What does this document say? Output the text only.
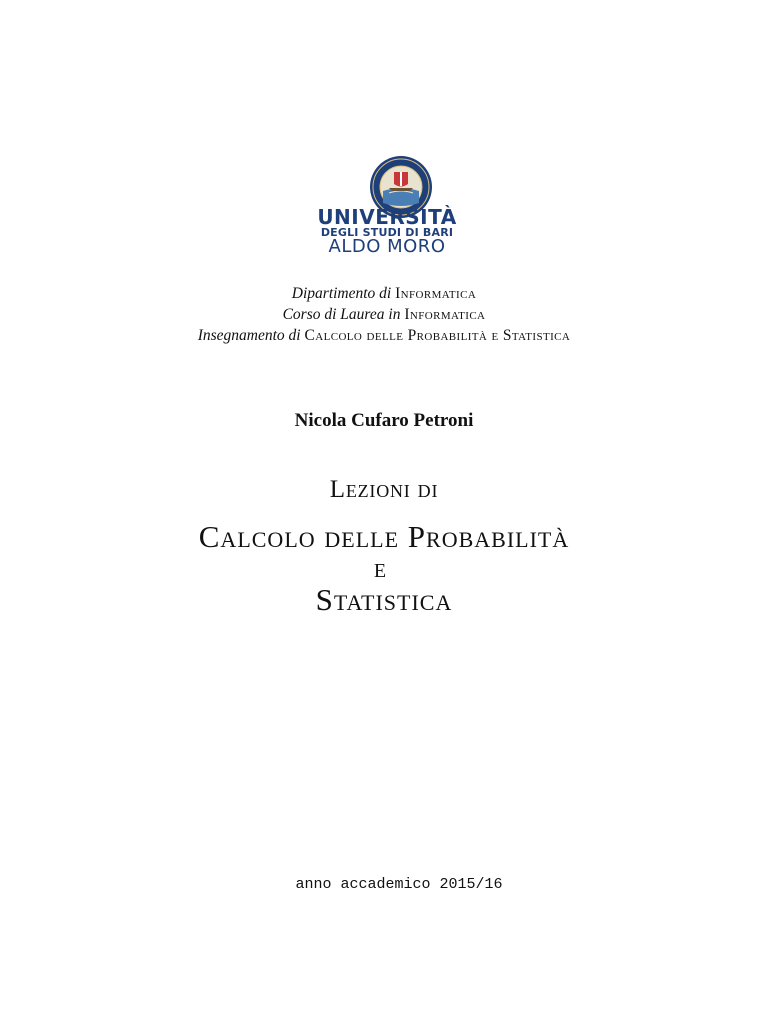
UNIVERSITÀ
DEGLI STUDI DI BARI
ALDO MORO
Dipartimento di Informatica
Corso di Laurea in Informatica
Insegnamento di Calcolo delle Probabilità e Statistica
Nicola Cufaro Petroni
Lezioni di
Calcolo delle Probabilità
e
Statistica
anno accademico 2015/16
